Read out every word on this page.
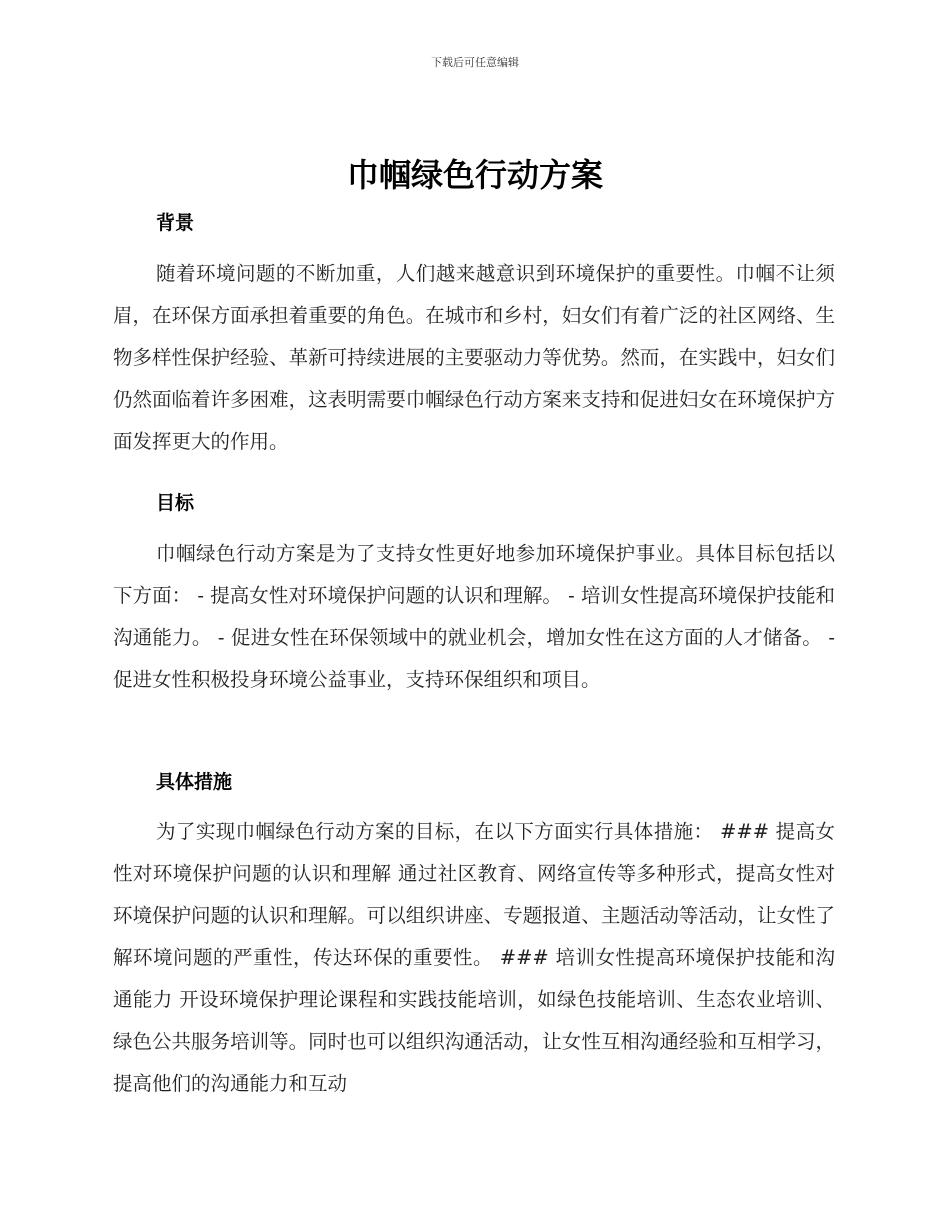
下载后可任意编辑
巾帼绿色行动方案
背景

随着环境问题的不断加重，人们越来越意识到环境保护的重要性。巾帼不让须眉，在环保方面承担着重要的角色。在城市和乡村，妇女们有着广泛的社区网络、生物多样性保护经验、革新可持续进展的主要驱动力等优势。然而，在实践中，妇女们仍然面临着许多困难，这表明需要巾帼绿色行动方案来支持和促进妇女在环境保护方面发挥更大的作用。

目标

巾帼绿色行动方案是为了支持女性更好地参加环境保护事业。具体目标包括以下方面： - 提高女性对环境保护问题的认识和理解。 - 培训女性提高环境保护技能和沟通能力。 - 促进女性在环保领域中的就业机会，增加女性在这方面的人才储备。 - 促进女性积极投身环境公益事业，支持环保组织和项目。

具体措施

为了实现巾帼绿色行动方案的目标，在以下方面实行具体措施： ### 提高女性对环境保护问题的认识和理解 通过社区教育、网络宣传等多种形式，提高女性对环境保护问题的认识和理解。可以组织讲座、专题报道、主题活动等活动，让女性了解环境问题的严重性，传达环保的重要性。 ### 培训女性提高环境保护技能和沟通能力 开设环境保护理论课程和实践技能培训，如绿色技能培训、生态农业培训、绿色公共服务培训等。同时也可以组织沟通活动，让女性互相沟通经验和互相学习，提高他们的沟通能力和互动
